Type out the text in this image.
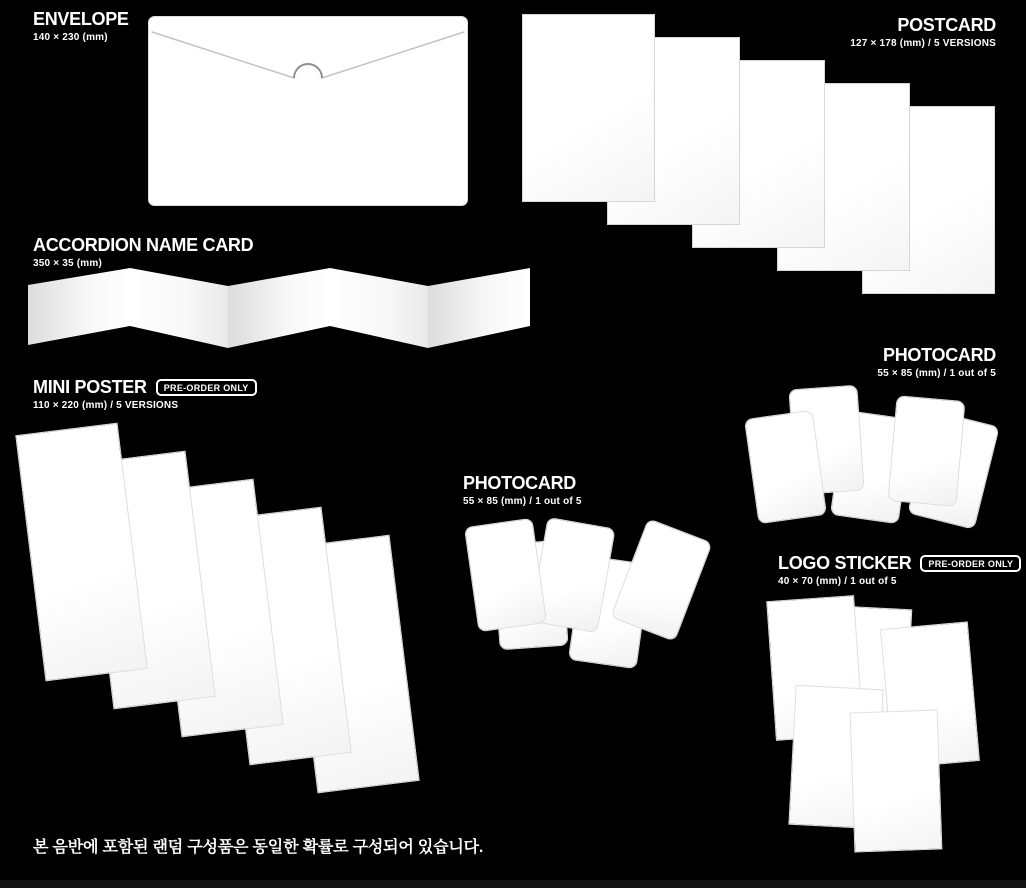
ENVELOPE
140 × 230 (mm)
POSTCARD
127 × 178 (mm) / 5 VERSIONS
ACCORDION NAME CARD
350 × 35 (mm)
MINI POSTER	PRE-ORDER ONLY
110 × 220 (mm) / 5 VERSIONS
PHOTOCARD
55 × 85 (mm) / 1 out of 5
PHOTOCARD
55 × 85 (mm) / 1 out of 5
LOGO STICKER	PRE-ORDER ONLY
40 × 70 (mm) / 1 out of 5
본 음반에 포함된 랜덤 구성품은 동일한 확률로 구성되어 있습니다.
